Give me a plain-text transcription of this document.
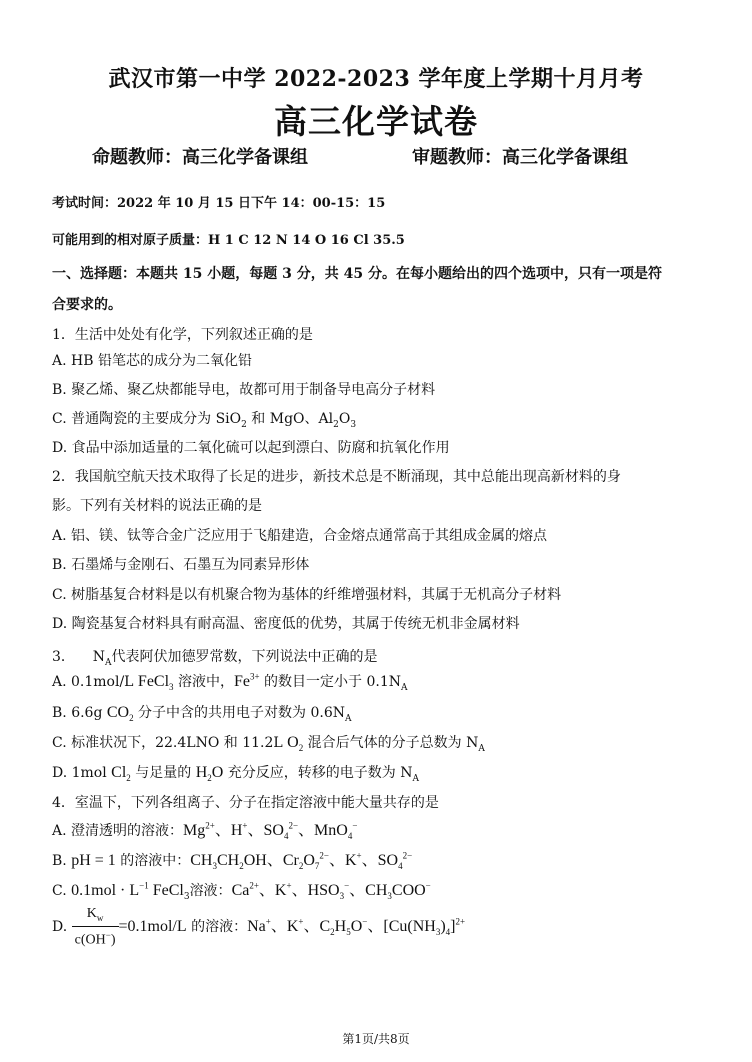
武汉市第一中学 2022-2023 学年度上学期十月月考
高三化学试卷
命题教师：高三化学备课组	审题教师：高三化学备课组
考试时间：2022 年 10 月 15 日下午 14：00-15：15
可能用到的相对原子质量：H 1 C 12 N 14 O 16 Cl 35.5
一、选择题：本题共 15 小题，每题 3 分，共 45 分。在每小题给出的四个选项中，只有一项是符
合要求的。
1．生活中处处有化学，下列叙述正确的是
A. HB 铅笔芯的成分为二氧化铅
B. 聚乙烯、聚乙炔都能导电，故都可用于制备导电高分子材料
C. 普通陶瓷的主要成分为 SiO$_2$ 和 MgO、$Al_2O_3$
D. 食品中添加适量的二氧化硫可以起到漂白、防腐和抗氧化作用
2．我国航空航天技术取得了长足的进步，新技术总是不断涌现，其中总能出现高新材料的身
影。下列有关材料的说法正确的是
A. 铝、镁、钛等合金广泛应用于飞船建造，合金熔点通常高于其组成金属的熔点
B. 石墨烯与金刚石、石墨互为同素异形体
C. 树脂基复合材料是以有机聚合物为基体的纤维增强材料，其属于无机高分子材料
D. 陶瓷基复合材料具有耐高温、密度低的优势，其属于传统无机非金属材料
3．    $N_A$代表阿伏加德罗常数，下列说法中正确的是
A. 0.1mol/L FeCl$_3$ 溶液中，$Fe^{3+}$ 的数目一定小于 $0.1N_A$
B. 6.6g $CO_2$ 分子中含的共用电子对数为 $0.6N_A$
C. 标准状况下，22.4LNO 和 11.2L $O_2$ 混合后气体的分子总数为 $N_A$
D. 1mol $Cl_2$ 与足量的 $H_2O$ 充分反应，转移的电子数为 $N_A$
4．室温下，下列各组离子、分子在指定溶液中能大量共存的是
A. 澄清透明的溶液：$Mg^{2+}$、H+、$SO_4^{2-}$、MnO$_4$−
B. pH = 1 的溶液中：$CH_3CH_2OH$、$Cr_2O_7^{2-}$、K+、$SO_4^{2-}$
C. $0.1mol \cdot L^{-1}$ FeCl$_3$溶液：$Ca^{2+}$、K+、$HSO_3^-$、$CH_3COO^-$
D. $\frac{K_w}{c(OH^-)} =0.1mol/L$ 的溶液：Na+、K+、$C_2H_5O^-$、$[Cu(NH_3)_4]^{2+}$
第1页/共8页
